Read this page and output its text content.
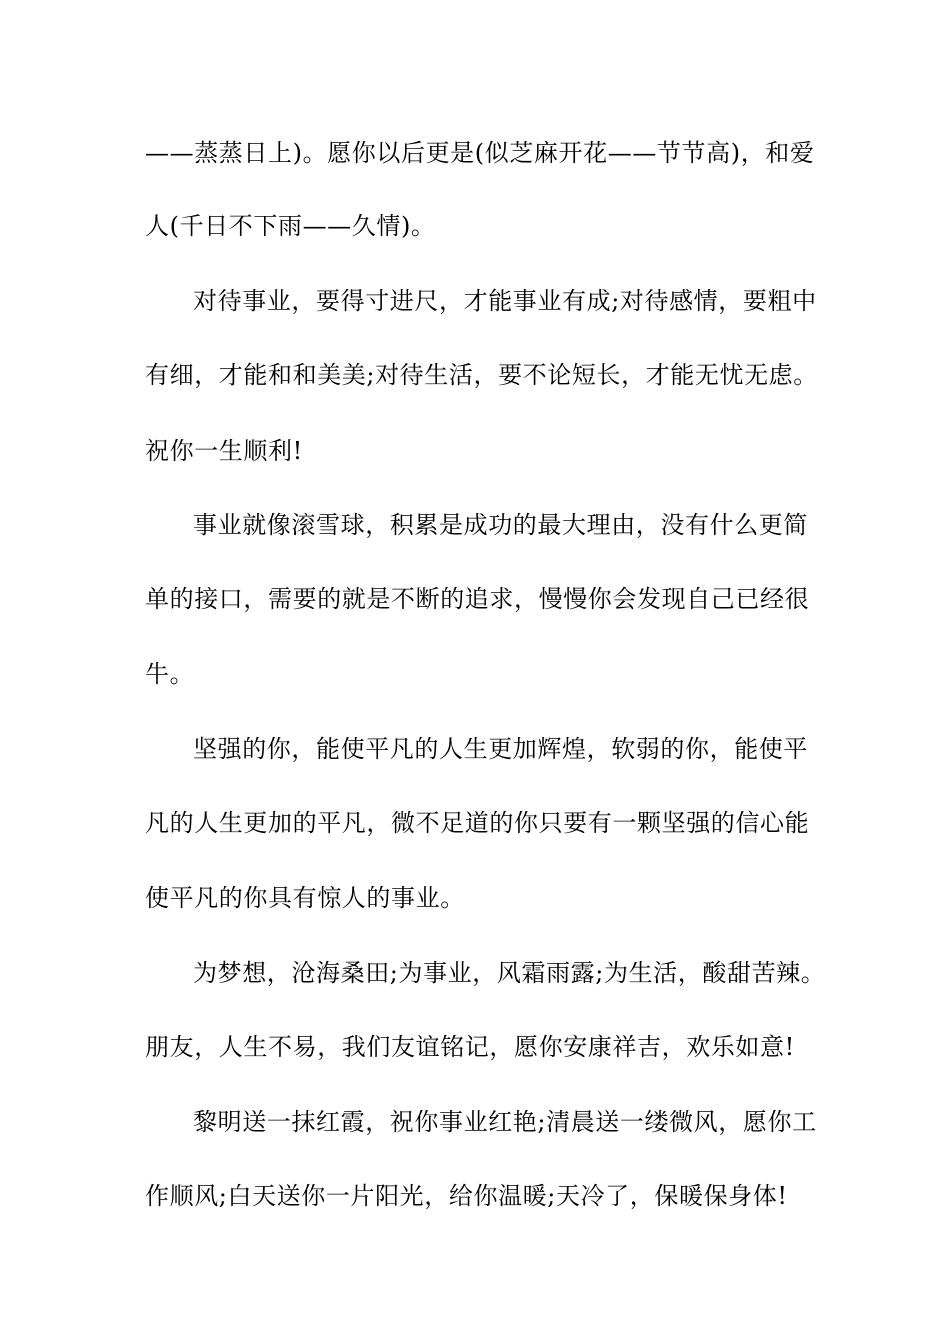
——蒸蒸日上)。愿你以后更是(似芝麻开花——节节高)，和爱
人(千日不下雨——久情)。
对待事业，要得寸进尺，才能事业有成;对待感情，要粗中
有细，才能和和美美;对待生活，要不论短长，才能无忧无虑。
祝你一生顺利!
事业就像滚雪球，积累是成功的最大理由，没有什么更简
单的接口，需要的就是不断的追求，慢慢你会发现自己已经很
牛。
坚强的你，能使平凡的人生更加辉煌，软弱的你，能使平
凡的人生更加的平凡，微不足道的你只要有一颗坚强的信心能
使平凡的你具有惊人的事业。
为梦想，沧海桑田;为事业，风霜雨露;为生活，酸甜苦辣。
朋友，人生不易，我们友谊铭记，愿你安康祥吉，欢乐如意!
黎明送一抹红霞，祝你事业红艳;清晨送一缕微风，愿你工
作顺风;白天送你一片阳光，给你温暖;天冷了，保暖保身体!
